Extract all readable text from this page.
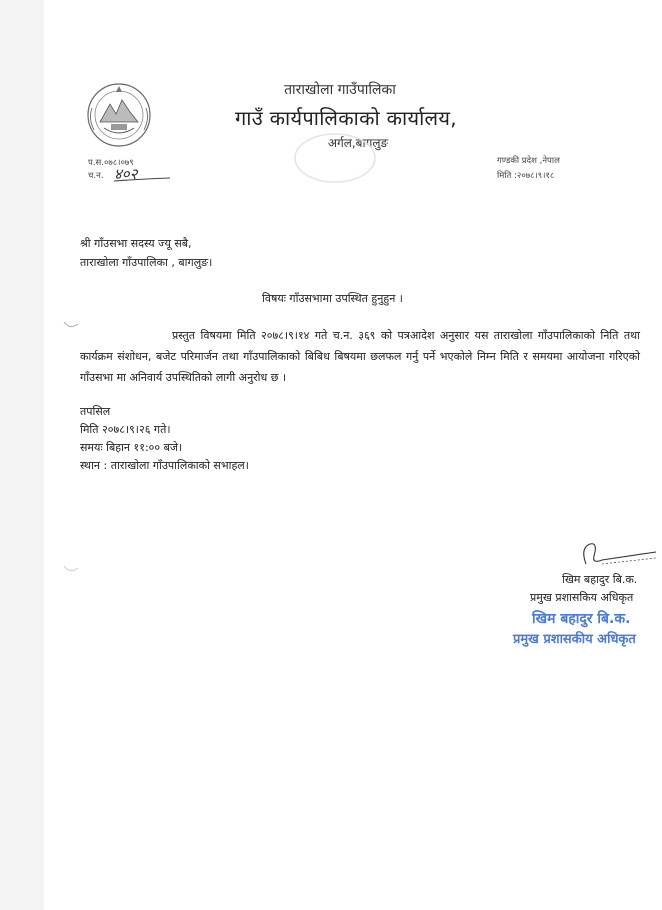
ताराखोला गाउँपालिका
गाउँ कार्यपालिकाको कार्यालय,
अर्गल,बागलुङ
प.स.०७८।०७९
च.न. ४०२
गण्डकी प्रदेश ,नेपाल
मिति :२०७८।९।१८
श्री गाँउसभा सदस्य ज्यू सबै,
ताराखोला गाँउपालिका , बागलुङ।
विषयः गाँउसभामा उपस्थित हुनुहुन ।
प्रस्तुत विषयमा मिति २०७८।९।१४ गते च.न. ३६९ को पत्रआदेश अनुसार यस ताराखोला गाँउपालिकाको निति तथा कार्यक्रम संशोधन, बजेट परिमार्जन तथा गाँउपालिकाको बिबिध बिषयमा छलफल गर्नु पर्ने भएकोले निम्न मिति र समयमा आयोजना गरिएको गाँउसभा मा अनिवार्य उपस्थितिको लागी अनुरोध छ ।
तपसिल
मिति २०७८।९।२६ गते।
समयः बिहान ११:०० बजे।
स्थान : ताराखोला गाँउपालिकाको सभाहल।
खिम बहादुर बि.क.
प्रमुख प्रशासकिय अधिकृत
खिम बहादुर बि.क.
प्रमुख प्रशासकीय अधिकृत
